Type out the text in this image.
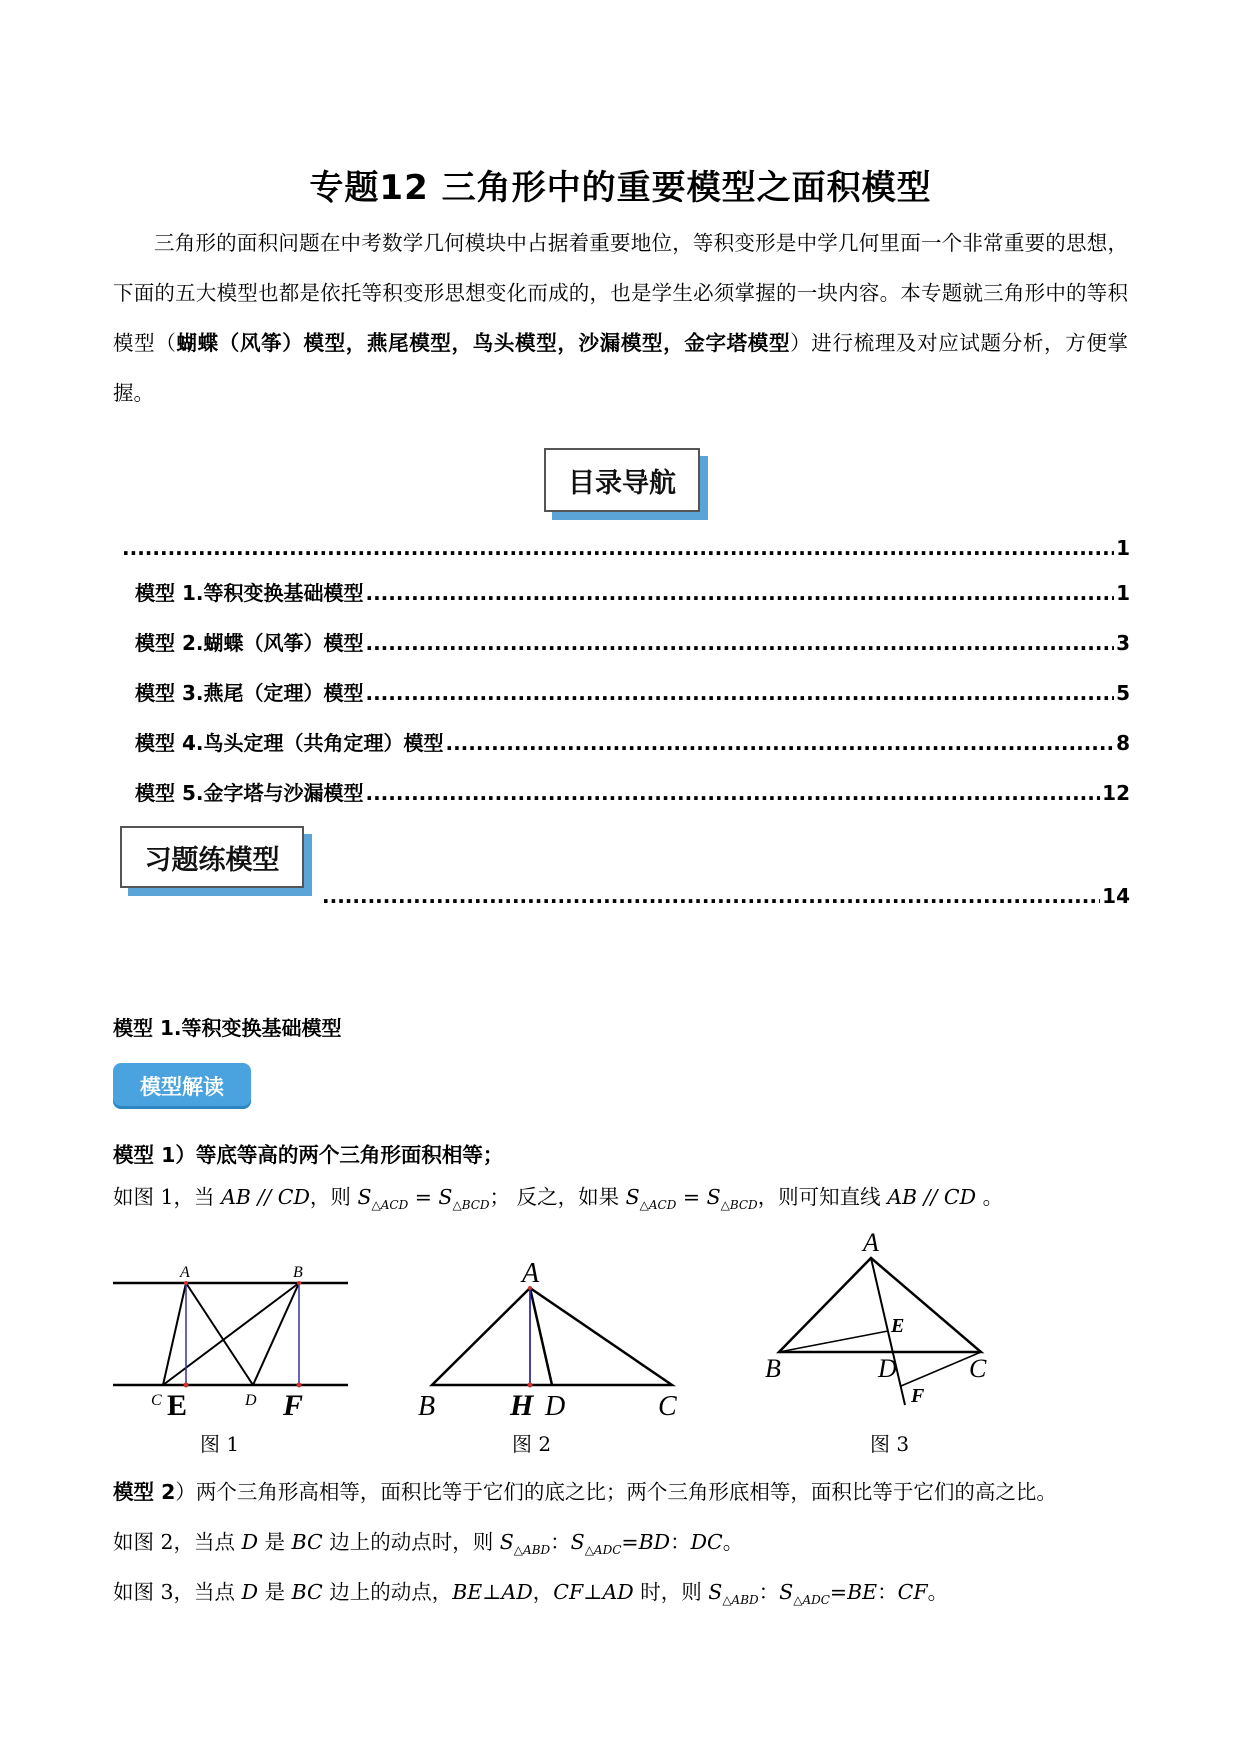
专题12 三角形中的重要模型之面积模型
三角形的面积问题在中考数学几何模块中占据着重要地位，等积变形是中学几何里面一个非常重要的思想，下面的五大模型也都是依托等积变形思想变化而成的，也是学生必须掌握的一块内容。本专题就三角形中的等积模型（蝴蝶（风筝）模型，燕尾模型，鸟头模型，沙漏模型，金字塔模型）进行梳理及对应试题分析，方便掌握。
目录导航
.....
1
模型 1.等积变换基础模型 .....	1
模型 2.蝴蝶（风筝）模型 .....	3
模型 3.燕尾（定理）模型 .....	5
模型 4.鸟头定理（共角定理）模型 .....	8
模型 5.金字塔与沙漏模型 .....	12
习题练模型
.....
14
模型 1.等积变换基础模型
模型解读
模型 1）等底等高的两个三角形面积相等；
如图 1，当 AB // CD，则 $S_{\triangle ACD} = S_{\triangle BCD}$； 反之，如果 $S_{\triangle ACD} = S_{\triangle BCD}$，则可知直线 AB // CD 。
A	B
C	D
E	F
A
B H D	C
A
B	D	C
E
F
图 1	图 2	图 3
模型 2）两个三角形高相等，面积比等于它们的底之比；两个三角形底相等，面积比等于它们的高之比。
如图 2，当点 D 是 BC 边上的动点时，则 $S_{\triangle ABD}$：$S_{\triangle ADC}=BD$：DC。
如图 3，当点 D 是 BC 边上的动点，BE⊥AD，CF⊥AD 时，则 $S_{\triangle ABD}$：$S_{\triangle ADC}=BE$：CF。
